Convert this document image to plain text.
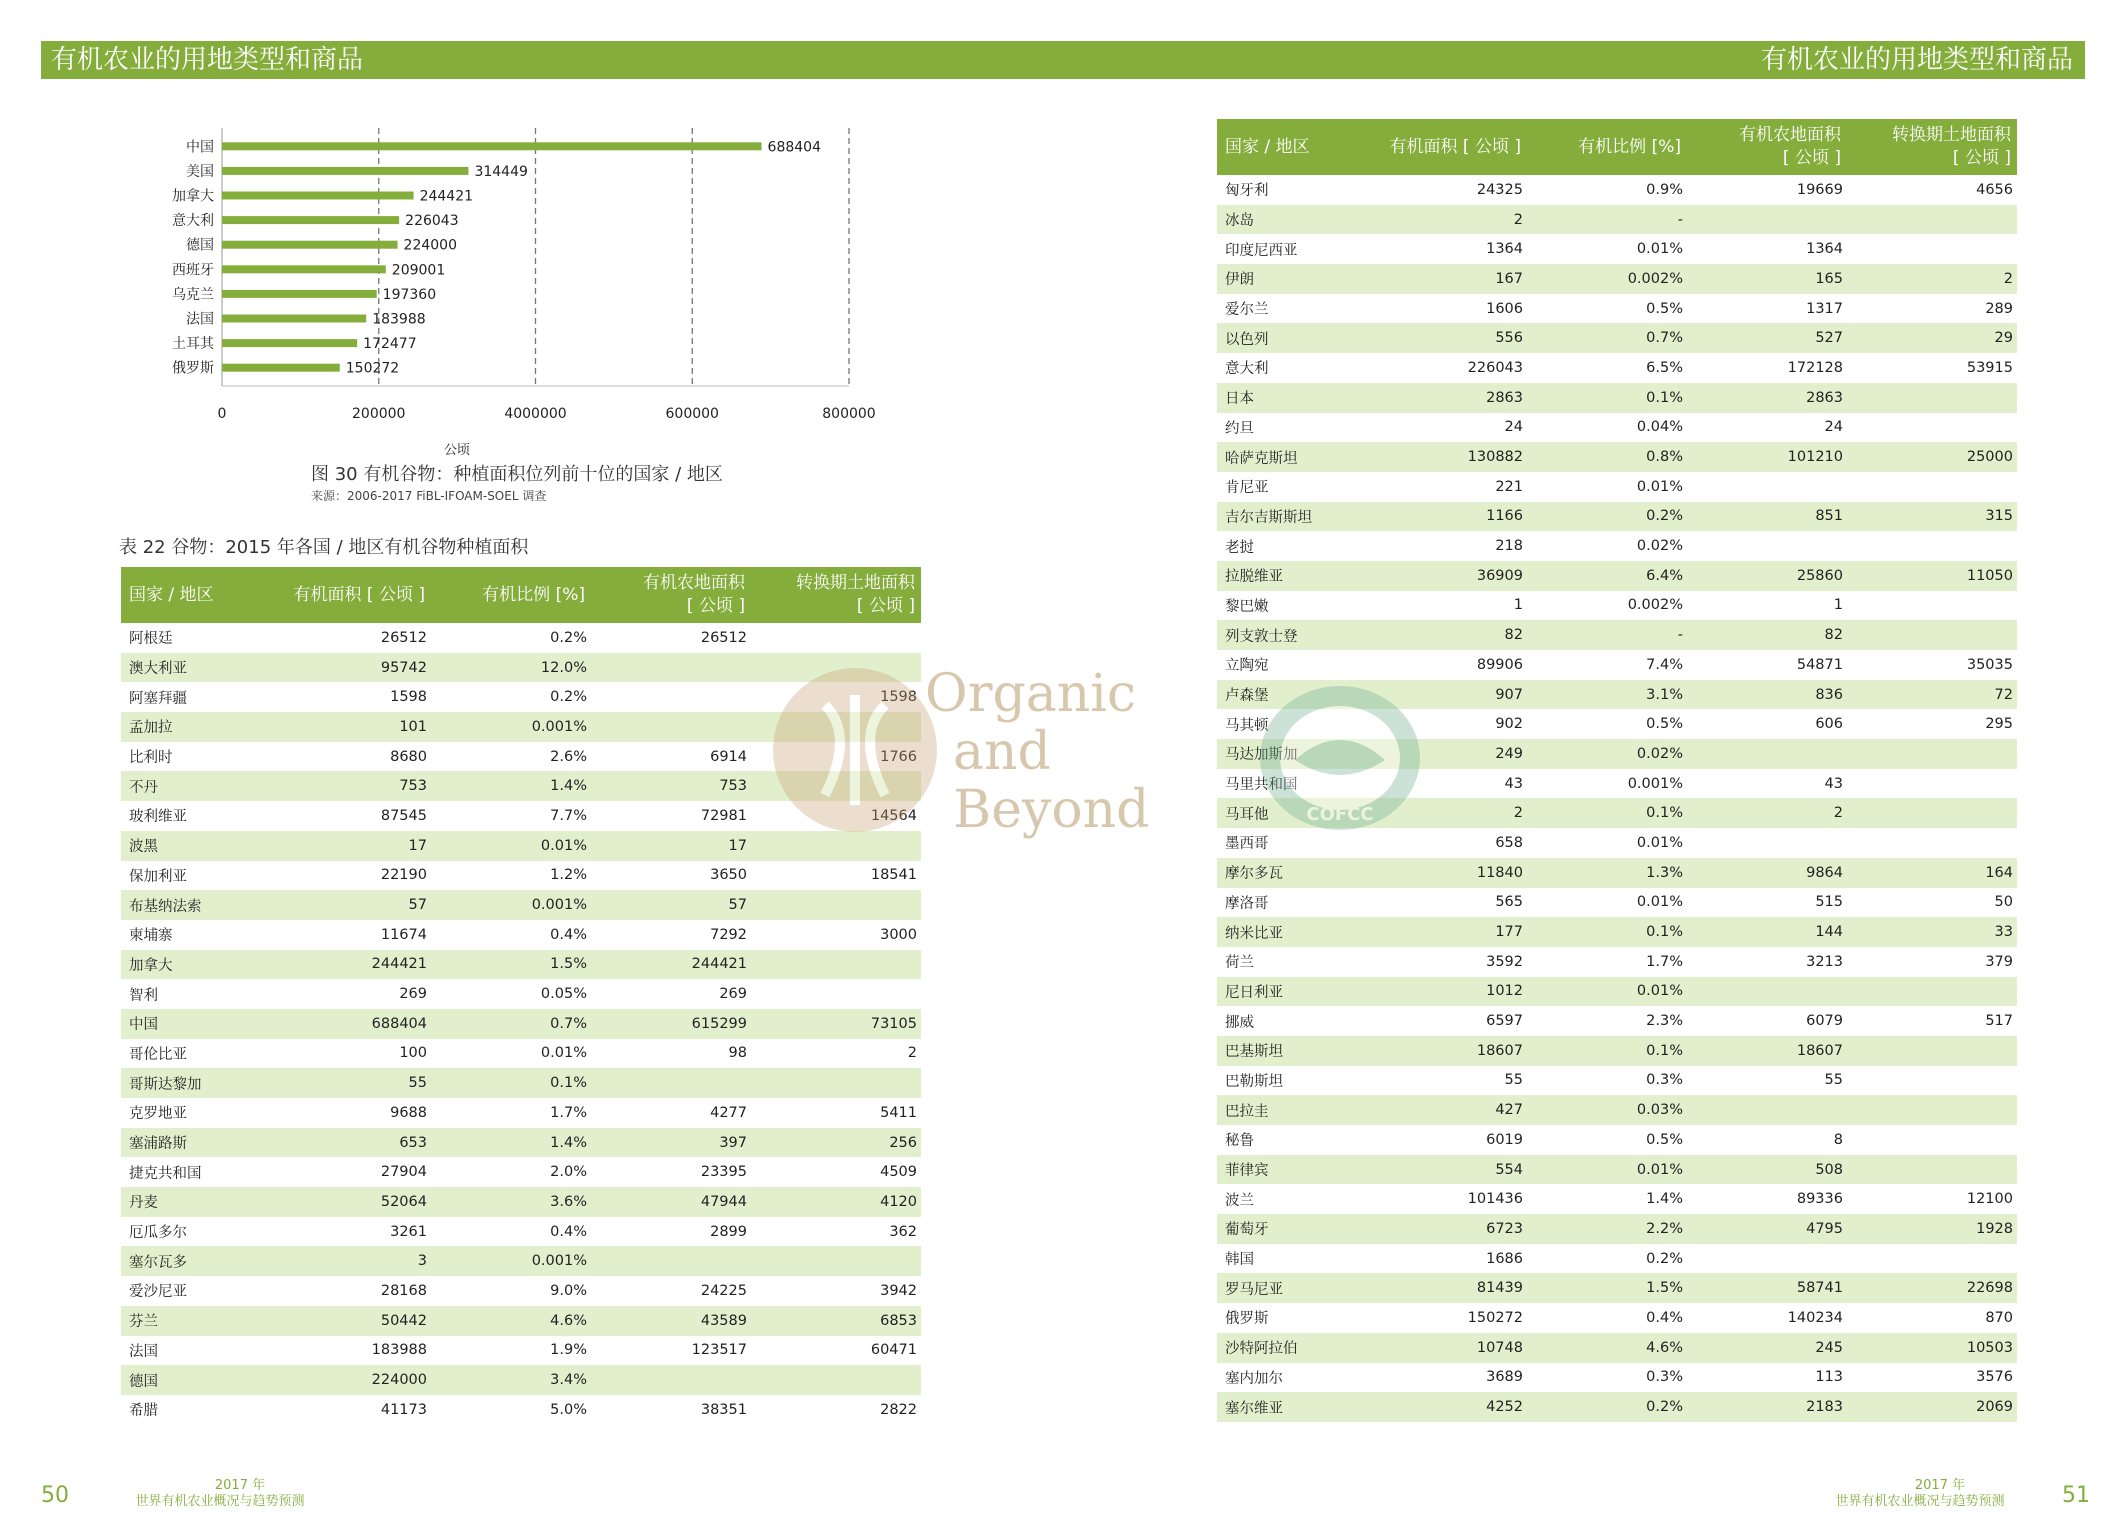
有机农业的用地类型和商品	有机农业的用地类型和商品
中国	688404
美国	314449
加拿大	244421
意大利	226043
德国	224000
西班牙	209001
乌克兰	197360
法国	183988
土耳其	172477
俄罗斯	150272
0	200000	4000000	600000	800000
公顷
图 30 有机谷物：种植面积位列前十位的国家 / 地区
来源：2006-2017 FiBL-IFOAM-SOEL 调查
表 22 谷物：2015 年各国 / 地区有机谷物种植面积
国家 / 地区	有机面积 [ 公顷 ]	有机比例 [%]	有机农地面积
[ 公顷 ]	转换期土地面积
[ 公顷 ]
阿根廷	26512	0.2%	26512	
澳大利亚	95742	12.0%		
阿塞拜疆	1598	0.2%		1598
孟加拉	101	0.001%		
比利时	8680	2.6%	6914	1766
不丹	753	1.4%	753	
玻利维亚	87545	7.7%	72981	14564
波黑	17	0.01%	17	
保加利亚	22190	1.2%	3650	18541
布基纳法索	57	0.001%	57	
柬埔寨	11674	0.4%	7292	3000
加拿大	244421	1.5%	244421	
智利	269	0.05%	269	
中国	688404	0.7%	615299	73105
哥伦比亚	100	0.01%	98	2
哥斯达黎加	55	0.1%		
克罗地亚	9688	1.7%	4277	5411
塞浦路斯	653	1.4%	397	256
捷克共和国	27904	2.0%	23395	4509
丹麦	52064	3.6%	47944	4120
厄瓜多尔	3261	0.4%	2899	362
塞尔瓦多	3	0.001%		
爱沙尼亚	28168	9.0%	24225	3942
芬兰	50442	4.6%	43589	6853
法国	183988	1.9%	123517	60471
德国	224000	3.4%		
希腊	41173	5.0%	38351	2822
国家 / 地区	有机面积 [ 公顷 ]	有机比例 [%]	有机农地面积
[ 公顷 ]	转换期土地面积
[ 公顷 ]
匈牙利	24325	0.9%	19669	4656
冰岛	2	-		
印度尼西亚	1364	0.01%	1364	
伊朗	167	0.002%	165	2
爱尔兰	1606	0.5%	1317	289
以色列	556	0.7%	527	29
意大利	226043	6.5%	172128	53915
日本	2863	0.1%	2863	
约旦	24	0.04%	24	
哈萨克斯坦	130882	0.8%	101210	25000
肯尼亚	221	0.01%		
吉尔吉斯斯坦	1166	0.2%	851	315
老挝	218	0.02%		
拉脱维亚	36909	6.4%	25860	11050
黎巴嫩	1	0.002%	1	
列支敦士登	82	-	82	
立陶宛	89906	7.4%	54871	35035
卢森堡	907	3.1%	836	72
马其顿	902	0.5%	606	295
马达加斯加	249	0.02%		
马里共和国	43	0.001%	43	
马耳他	2	0.1%	2	
墨西哥	658	0.01%		
摩尔多瓦	11840	1.3%	9864	164
摩洛哥	565	0.01%	515	50
纳米比亚	177	0.1%	144	33
荷兰	3592	1.7%	3213	379
尼日利亚	1012	0.01%		
挪威	6597	2.3%	6079	517
巴基斯坦	18607	0.1%	18607	
巴勒斯坦	55	0.3%	55	
巴拉圭	427	0.03%		
秘鲁	6019	0.5%	8	
菲律宾	554	0.01%	508	
波兰	101436	1.4%	89336	12100
葡萄牙	6723	2.2%	4795	1928
韩国	1686	0.2%		
罗马尼亚	81439	1.5%	58741	22698
俄罗斯	150272	0.4%	140234	870
沙特阿拉伯	10748	4.6%	245	10503
塞内加尔	3689	0.3%	113	3576
塞尔维亚	4252	0.2%	2183	2069
Organic
and
Beyond	COFCC
50	2017 年
世界有机农业概况与趋势预测	51
2017 年
世界有机农业概况与趋势预测
